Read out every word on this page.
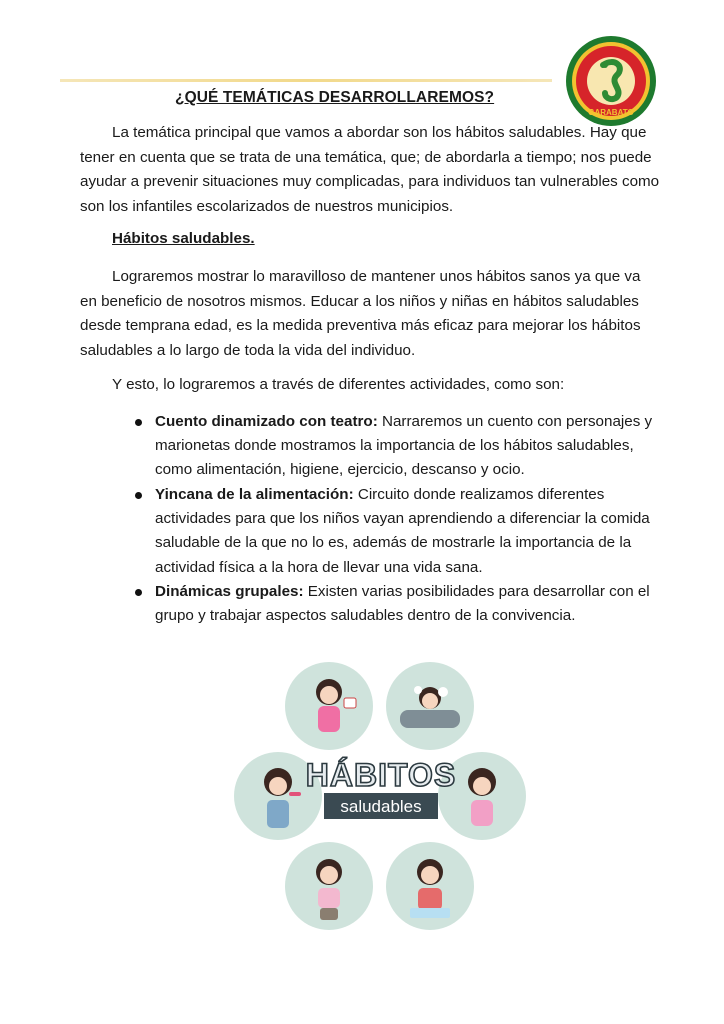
GARABATO
¿QUÉ TEMÁTICAS DESARROLLAREMOS?

La temática principal que vamos a abordar son los hábitos saludables. Hay que
tener en cuenta que se trata de una temática, que; de abordarla a tiempo; nos puede
ayudar a prevenir situaciones muy complicadas, para individuos tan vulnerables como
son los infantiles escolarizados de nuestros municipios.

Hábitos saludables.

Lograremos mostrar lo maravilloso de mantener unos hábitos sanos ya que va
en beneficio de nosotros mismos. Educar a los niños y niñas en hábitos saludables
desde temprana edad, es la medida preventiva más eficaz para mejorar los hábitos
saludables a lo largo de toda la vida del individuo.

Y esto, lo lograremos a través de diferentes actividades, como son:

Cuento dinamizado con teatro: Narraremos un cuento con personajes y
marionetas donde mostramos la importancia de los hábitos saludables,
como alimentación, higiene, ejercicio, descanso y ocio.
Yincana de la alimentación: Circuito donde realizamos diferentes
actividades para que los niños vayan aprendiendo a diferenciar la comida
saludable de la que no lo es, además de mostrarle la importancia de la
actividad física a la hora de llevar una vida sana.
Dinámicas grupales: Existen varias posibilidades para desarrollar con el
grupo y trabajar aspectos saludables dentro de la convivencia.
HÁBITOS
saludables
